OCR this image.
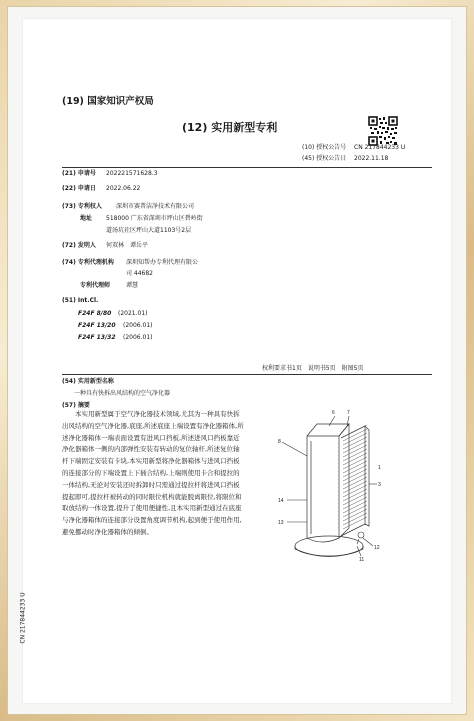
(19) 国家知识产权局
(12) 实用新型专利
(10) 授权公告号 CN 217844233 U
(45) 授权公告日 2022.11.18
(21) 申请号 202221571628.3
(22) 申请日 2022.06.22
(73) 专利权人 深圳市赛普洁净技术有限公司
地址 518000 广东省深圳市坪山区碧岭街
道汤坑社区坪山大道1103号2层
(72) 发明人 何双林　谭岳平
(74) 专利代理机构 深圳知帮办专利代理有限公
司 44682
专利代理师	谭慧
(51) Int.Cl.
F24F 8/80 (2021.01)
F24F 13/20 (2006.01)
F24F 13/32 (2006.01)
权利要求书1页　说明书5页　附图5页
(54) 实用新型名称
一种具有快拆出风结构的空气净化器
(57) 摘要
本实用新型属于空气净化器技术领域,尤其为一种具有快拆出风结构的空气净化器,底座,所述底座上端设置有净化器箱体,所述净化器箱体一端表面设置有进风口挡板,所述进风口挡板靠近净化器箱体一侧的内部弹性安装有转动的复位轴杆,所述复位轴杆下端固定安装有卡块,本实用新型将净化器箱体与进风口挡板的连接部分的下端设置上下插合结构,上端则使用卡合和提拉的一体结构,无论对安装还时拆卸时只需通过提拉杆将进风口挡板提起即可,提拉杆被转动的同时限位机构就能脱离限位,将限位和取放结构一体设置,提升了使用便捷性,且本实用新型通过在底座与净化器箱体的连接部分设置角度调节机构,起到便于使用作用,避免挪动时净化器箱体的倾倒。
8
6 7
1
3
14
13
12
11
CN 217844233 U
